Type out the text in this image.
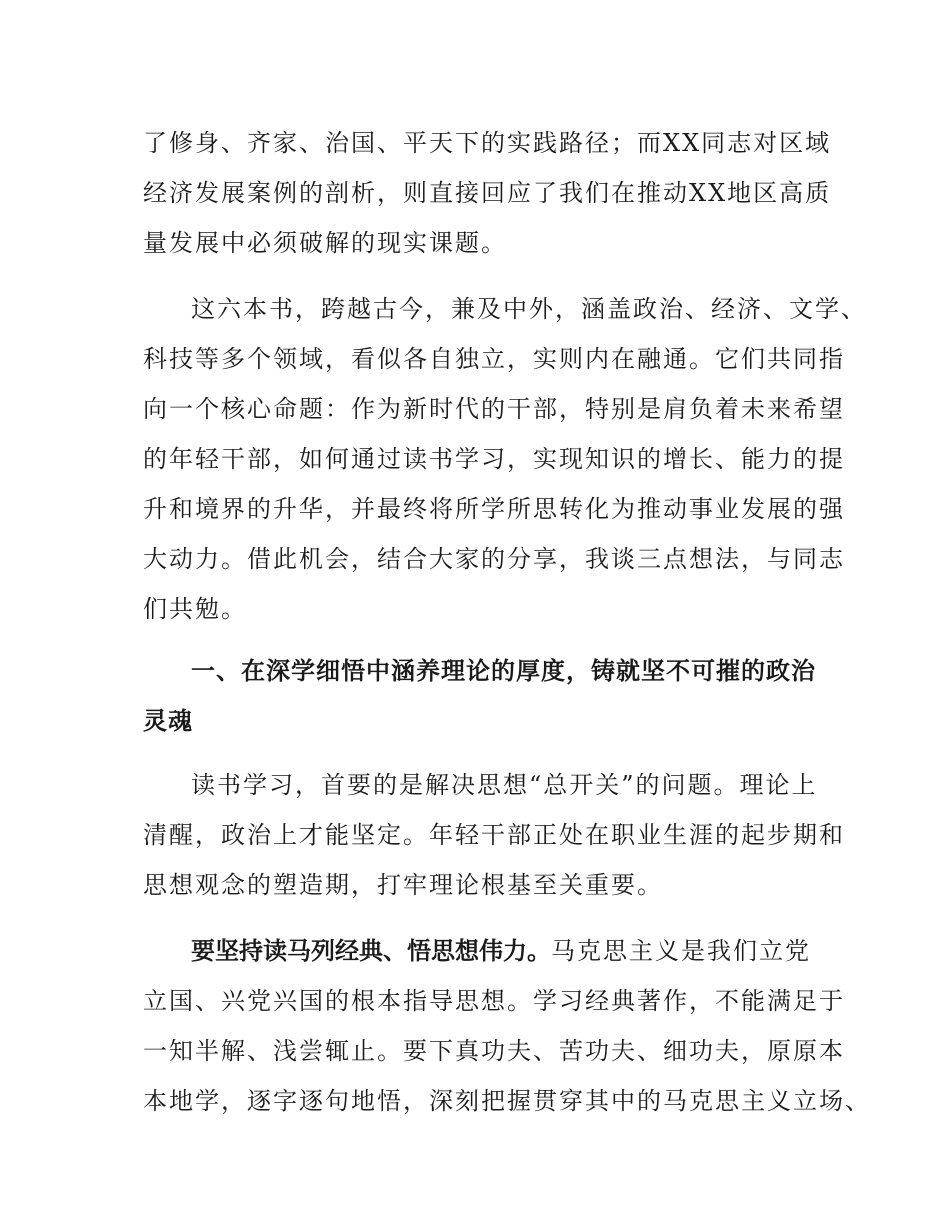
了修身、齐家、治国、平天下的实践路径；而XX同志对区域
经济发展案例的剖析，则直接回应了我们在推动XX地区高质
量发展中必须破解的现实课题。
这六本书，跨越古今，兼及中外，涵盖政治、经济、文学、
科技等多个领域，看似各自独立，实则内在融通。它们共同指
向一个核心命题：作为新时代的干部，特别是肩负着未来希望
的年轻干部，如何通过读书学习，实现知识的增长、能力的提
升和境界的升华，并最终将所学所思转化为推动事业发展的强
大动力。借此机会，结合大家的分享，我谈三点想法，与同志
们共勉。
一、在深学细悟中涵养理论的厚度，铸就坚不可摧的政治
灵魂
读书学习，首要的是解决思想“总开关”的问题。理论上
清醒，政治上才能坚定。年轻干部正处在职业生涯的起步期和
思想观念的塑造期，打牢理论根基至关重要。
要坚持读马列经典、悟思想伟力。马克思主义是我们立党
立国、兴党兴国的根本指导思想。学习经典著作，不能满足于
一知半解、浅尝辄止。要下真功夫、苦功夫、细功夫，原原本
本地学，逐字逐句地悟，深刻把握贯穿其中的马克思主义立场、
